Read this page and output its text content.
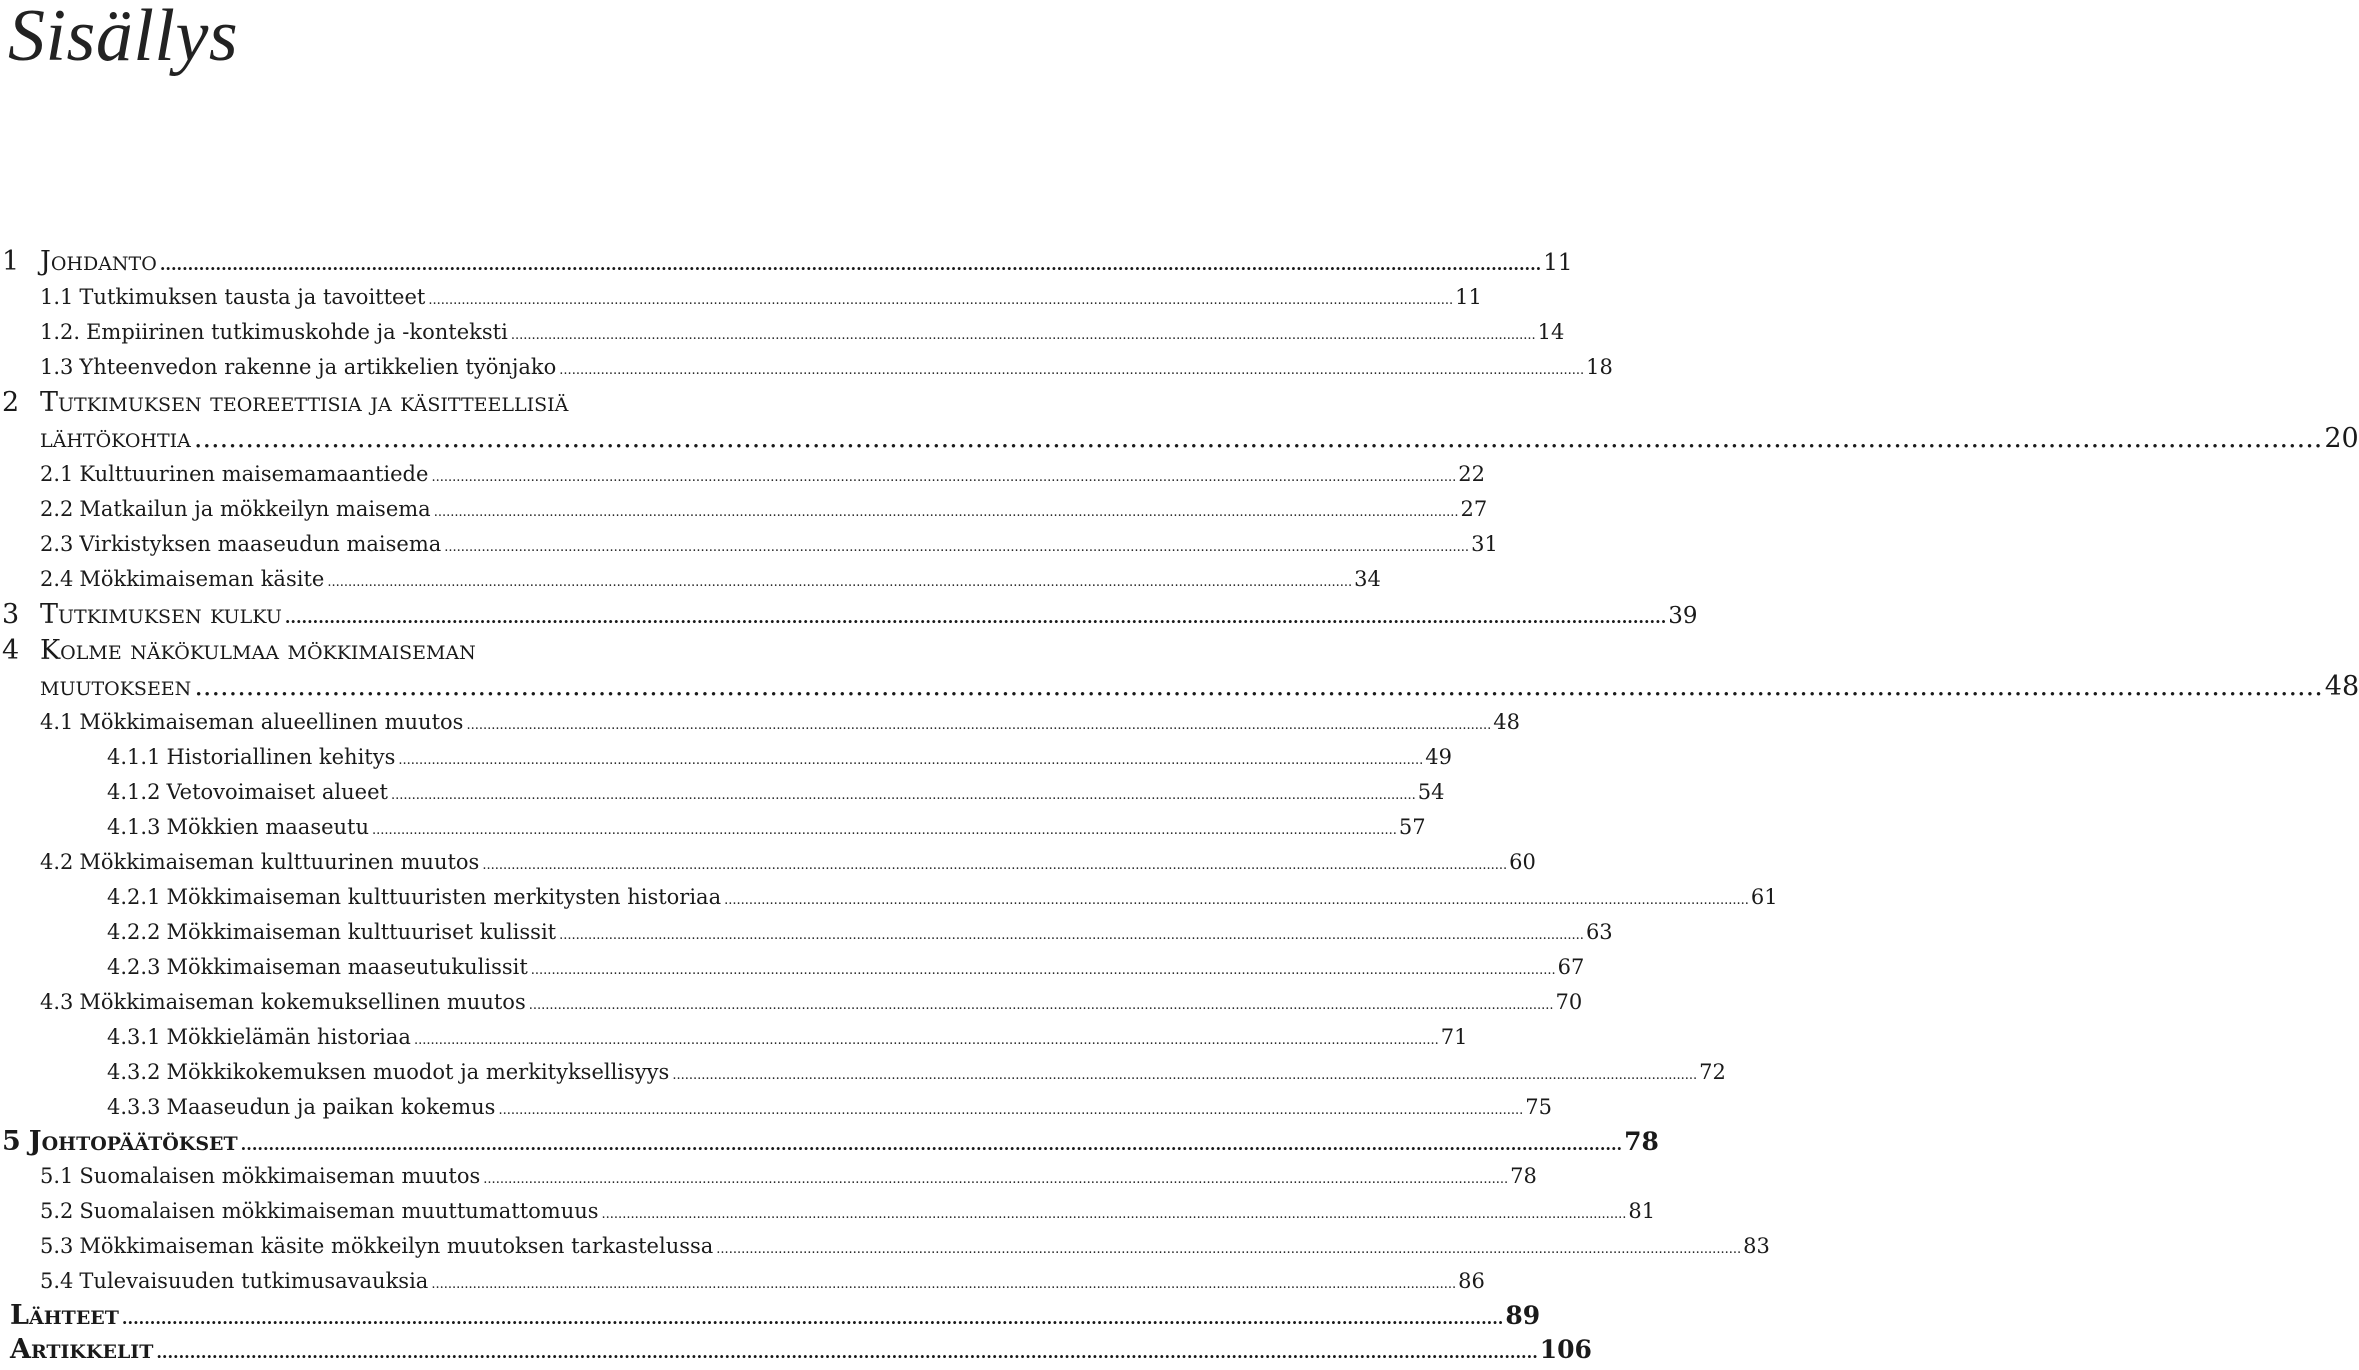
Sisällys
1 Johdanto ........................................................................................................................................................................................................................................................ 11
1.1 Tutkimuksen tausta ja tavoitteet ........................................................................................................................................................................................................................................................ 11
1.2. Empiirinen tutkimuskohde ja -konteksti ........................................................................................................................................................................................................................................................ 14
1.3 Yhteenvedon rakenne ja artikkelien työnjako ........................................................................................................................................................................................................................................................ 18
2 Tutkimuksen teoreettisia ja käsitteellisiä
lähtökohtia ........................................................................................................................................................................................................................................................ 20
2.1 Kulttuurinen maisemamaantiede ........................................................................................................................................................................................................................................................ 22
2.2 Matkailun ja mökkeilyn maisema ........................................................................................................................................................................................................................................................ 27
2.3 Virkistyksen maaseudun maisema ........................................................................................................................................................................................................................................................ 31
2.4 Mökkimaiseman käsite ........................................................................................................................................................................................................................................................ 34
3 Tutkimuksen kulku ........................................................................................................................................................................................................................................................ 39
4 Kolme näkökulmaa mökkimaiseman
muutokseen ........................................................................................................................................................................................................................................................ 48
4.1 Mökkimaiseman alueellinen muutos ........................................................................................................................................................................................................................................................ 48
4.1.1 Historiallinen kehitys ........................................................................................................................................................................................................................................................ 49
4.1.2 Vetovoimaiset alueet ........................................................................................................................................................................................................................................................ 54
4.1.3 Mökkien maaseutu ........................................................................................................................................................................................................................................................ 57
4.2 Mökkimaiseman kulttuurinen muutos ........................................................................................................................................................................................................................................................ 60
4.2.1 Mökkimaiseman kulttuuristen merkitysten historiaa ........................................................................................................................................................................................................................................................ 61
4.2.2 Mökkimaiseman kulttuuriset kulissit ........................................................................................................................................................................................................................................................ 63
4.2.3 Mökkimaiseman maaseutukulissit ........................................................................................................................................................................................................................................................ 67
4.3 Mökkimaiseman kokemuksellinen muutos ........................................................................................................................................................................................................................................................ 70
4.3.1 Mökkielämän historiaa ........................................................................................................................................................................................................................................................ 71
4.3.2 Mökkikokemuksen muodot ja merkityksellisyys ........................................................................................................................................................................................................................................................ 72
4.3.3 Maaseudun ja paikan kokemus ........................................................................................................................................................................................................................................................ 75
5 Johtopäätökset ........................................................................................................................................................................................................................................................ 78
5.1 Suomalaisen mökkimaiseman muutos ........................................................................................................................................................................................................................................................ 78
5.2 Suomalaisen mökkimaiseman muuttumattomuus ........................................................................................................................................................................................................................................................ 81
5.3 Mökkimaiseman käsite mökkeilyn muutoksen tarkastelussa ........................................................................................................................................................................................................................................................ 83
5.4 Tulevaisuuden tutkimusavauksia ........................................................................................................................................................................................................................................................ 86
Lähteet ........................................................................................................................................................................................................................................................ 89
Artikkelit ........................................................................................................................................................................................................................................................ 106
